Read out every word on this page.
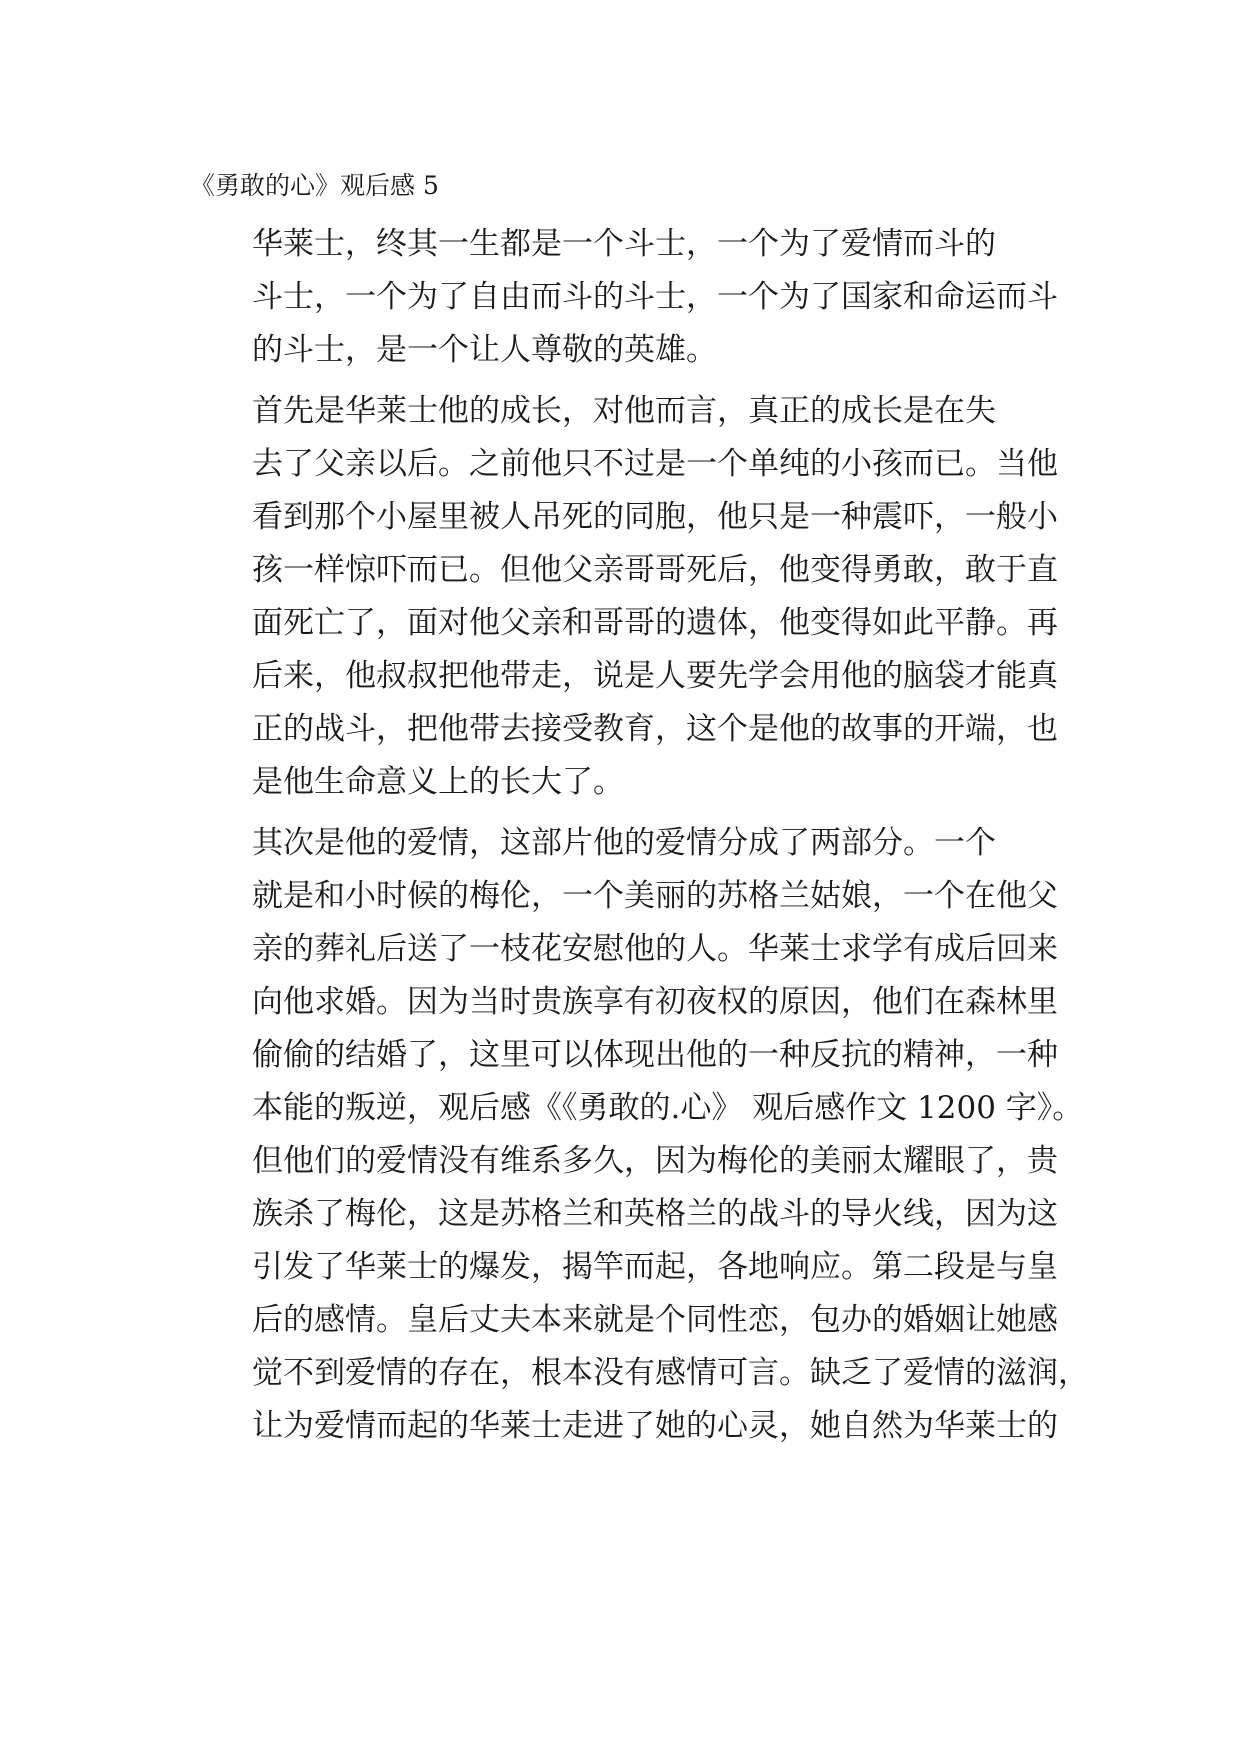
《勇敢的心》观后感 5

华莱士，终其一生都是一个斗士，一个为了爱情而斗的
斗士，一个为了自由而斗的斗士，一个为了国家和命运而斗
的斗士，是一个让人尊敬的英雄。

首先是华莱士他的成长，对他而言，真正的成长是在失
去了父亲以后。之前他只不过是一个单纯的小孩而已。当他
看到那个小屋里被人吊死的同胞，他只是一种震吓，一般小
孩一样惊吓而已。但他父亲哥哥死后，他变得勇敢，敢于直
面死亡了，面对他父亲和哥哥的遗体，他变得如此平静。再
后来，他叔叔把他带走，说是人要先学会用他的脑袋才能真
正的战斗，把他带去接受教育，这个是他的故事的开端，也
是他生命意义上的长大了。

其次是他的爱情，这部片他的爱情分成了两部分。一个
就是和小时候的梅伦，一个美丽的苏格兰姑娘，一个在他父
亲的葬礼后送了一枝花安慰他的人。华莱士求学有成后回来
向他求婚。因为当时贵族享有初夜权的原因，他们在森林里
偷偷的结婚了，这里可以体现出他的一种反抗的精神，一种
本能的叛逆，观后感《《勇敢的.心》 观后感作文 1200 字》。
但他们的爱情没有维系多久，因为梅伦的美丽太耀眼了，贵
族杀了梅伦，这是苏格兰和英格兰的战斗的导火线，因为这
引发了华莱士的爆发，揭竿而起，各地响应。第二段是与皇
后的感情。皇后丈夫本来就是个同性恋，包办的婚姻让她感
觉不到爱情的存在，根本没有感情可言。缺乏了爱情的滋润，
让为爱情而起的华莱士走进了她的心灵，她自然为华莱士的
